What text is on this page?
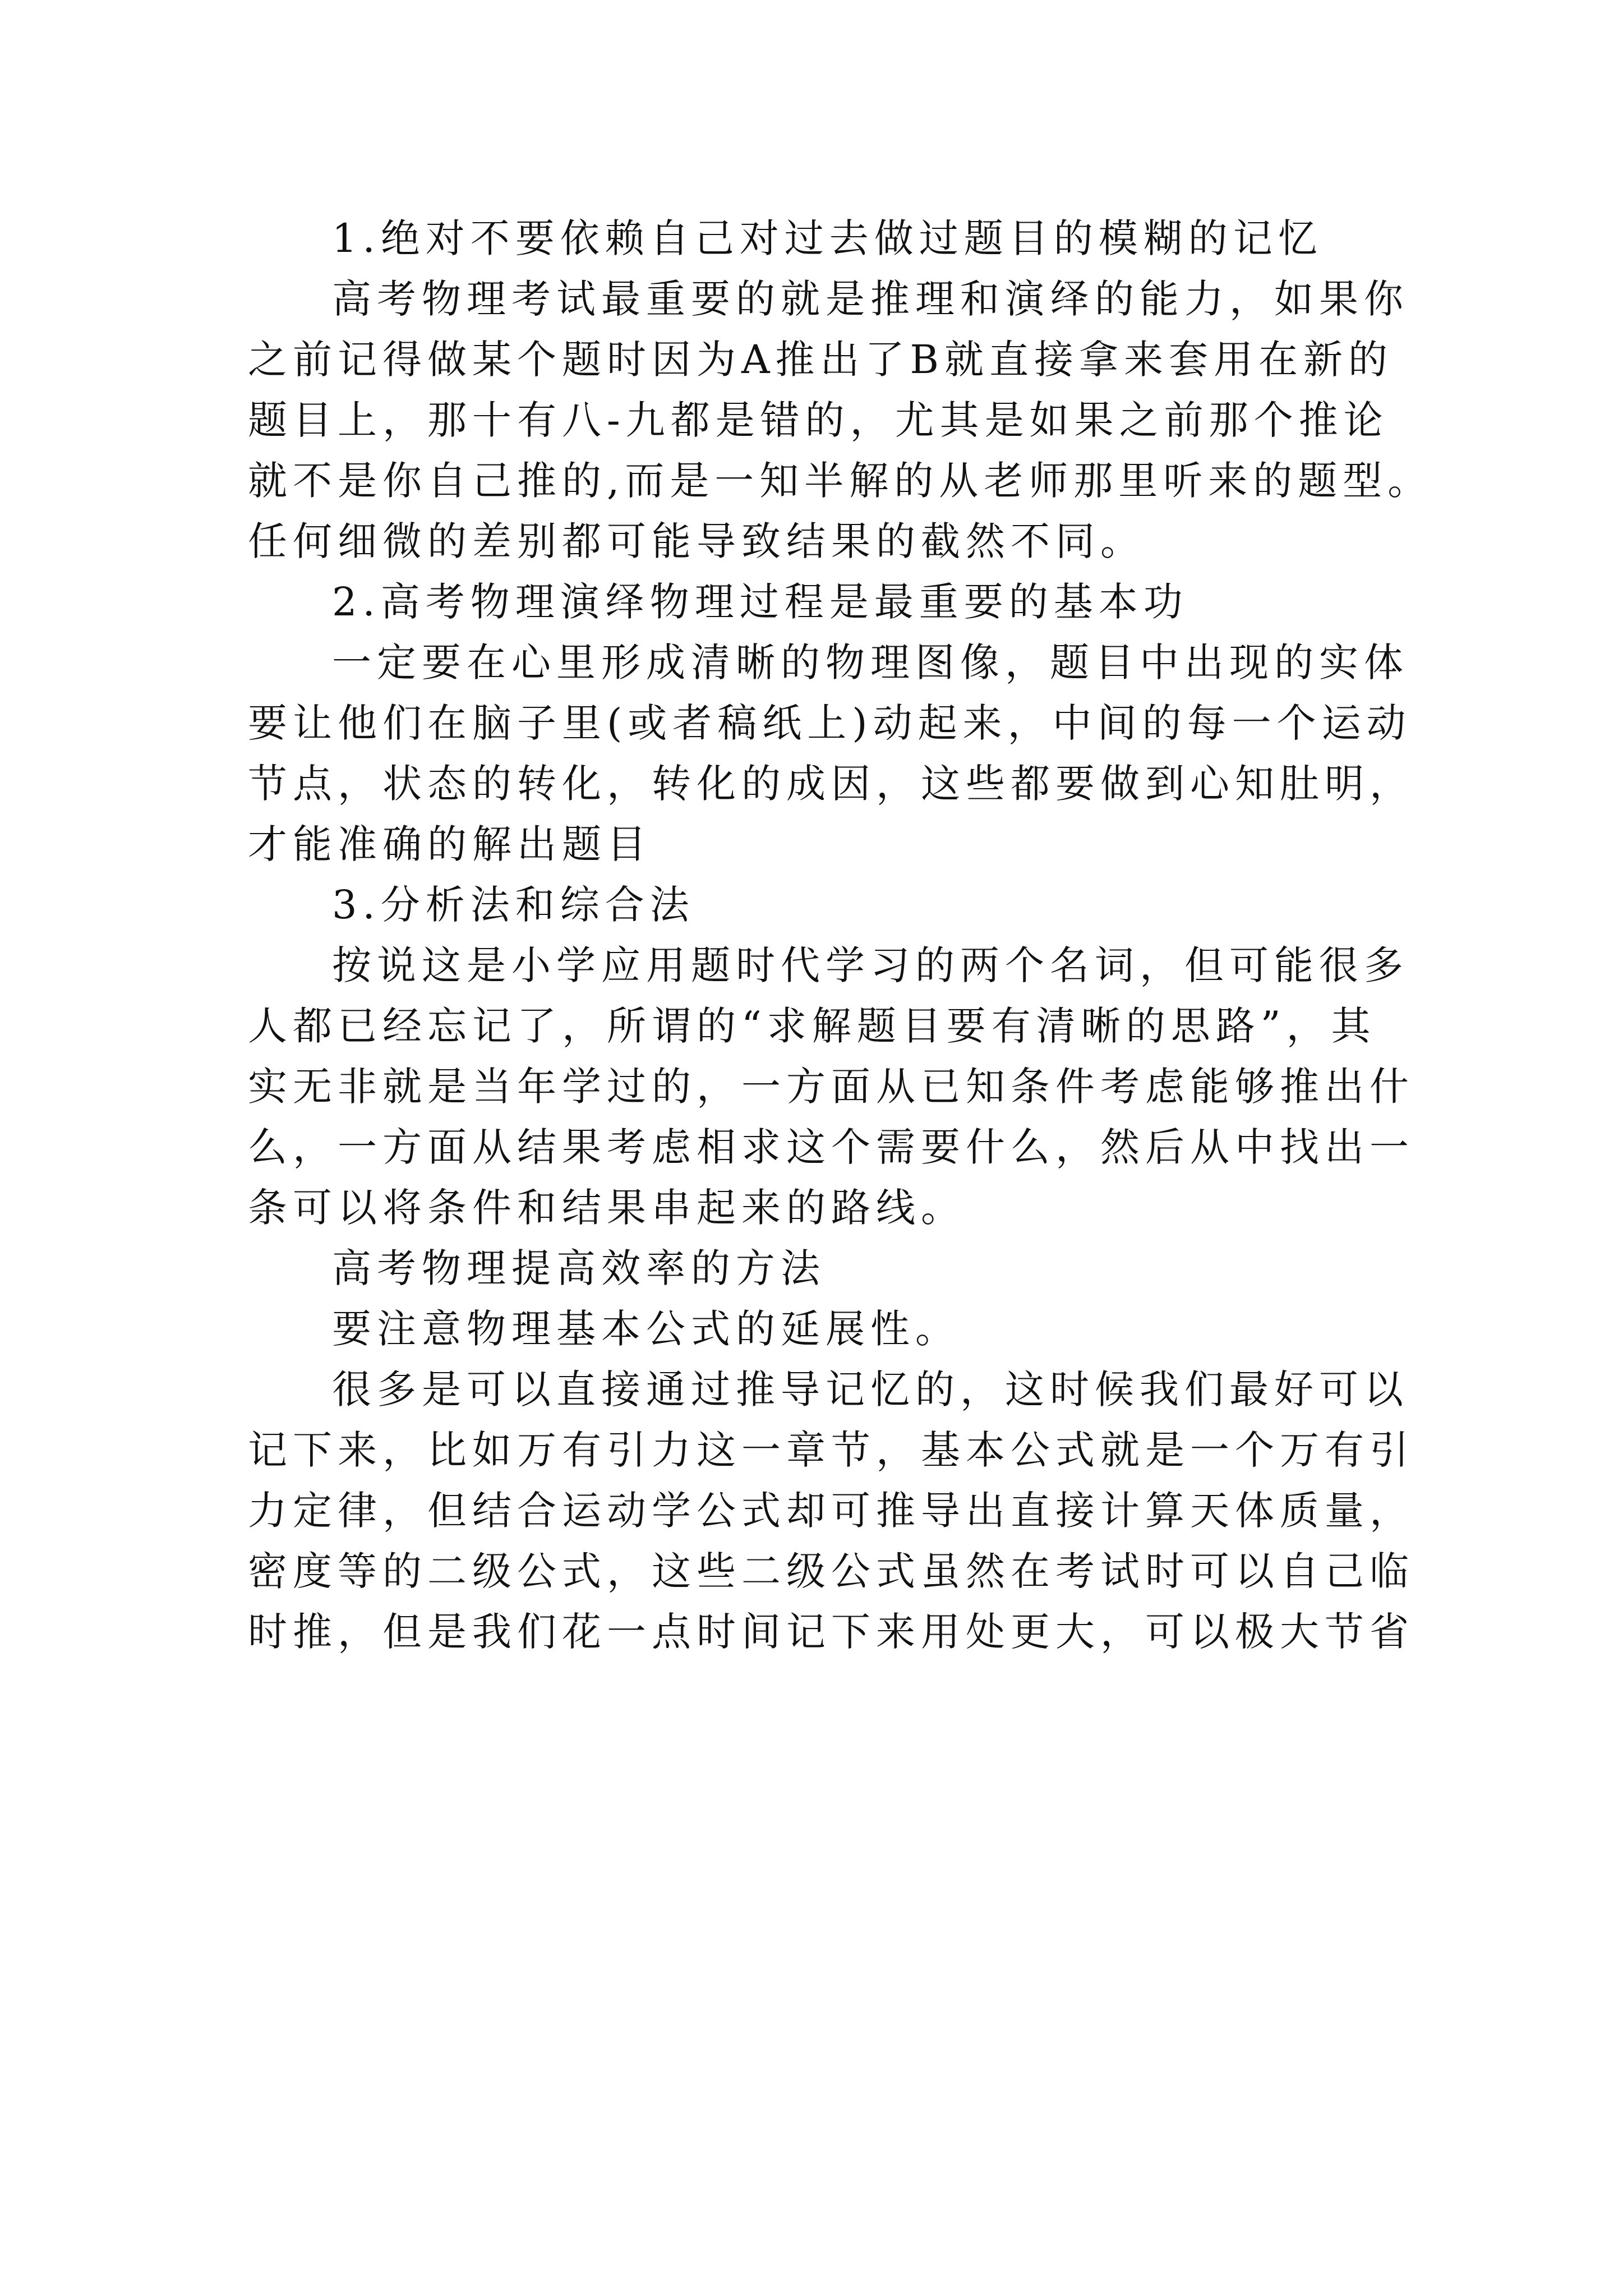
1.绝对不要依赖自己对过去做过题目的模糊的记忆

高考物理考试最重要的就是推理和演绎的能力，如果你
之前记得做某个题时因为A推出了B就直接拿来套用在新的
题目上，那十有八-九都是错的，尤其是如果之前那个推论
就不是你自己推的,而是一知半解的从老师那里听来的题型。
任何细微的差别都可能导致结果的截然不同。

2.高考物理演绎物理过程是最重要的基本功

一定要在心里形成清晰的物理图像，题目中出现的实体
要让他们在脑子里(或者稿纸上)动起来，中间的每一个运动
节点，状态的转化，转化的成因，这些都要做到心知肚明，
才能准确的解出题目

3.分析法和综合法

按说这是小学应用题时代学习的两个名词，但可能很多
人都已经忘记了，所谓的“求解题目要有清晰的思路”，其
实无非就是当年学过的，一方面从已知条件考虑能够推出什
么，一方面从结果考虑相求这个需要什么，然后从中找出一
条可以将条件和结果串起来的路线。

高考物理提高效率的方法

要注意物理基本公式的延展性。

很多是可以直接通过推导记忆的，这时候我们最好可以
记下来，比如万有引力这一章节，基本公式就是一个万有引
力定律，但结合运动学公式却可推导出直接计算天体质量，
密度等的二级公式，这些二级公式虽然在考试时可以自己临
时推，但是我们花一点时间记下来用处更大，可以极大节省
